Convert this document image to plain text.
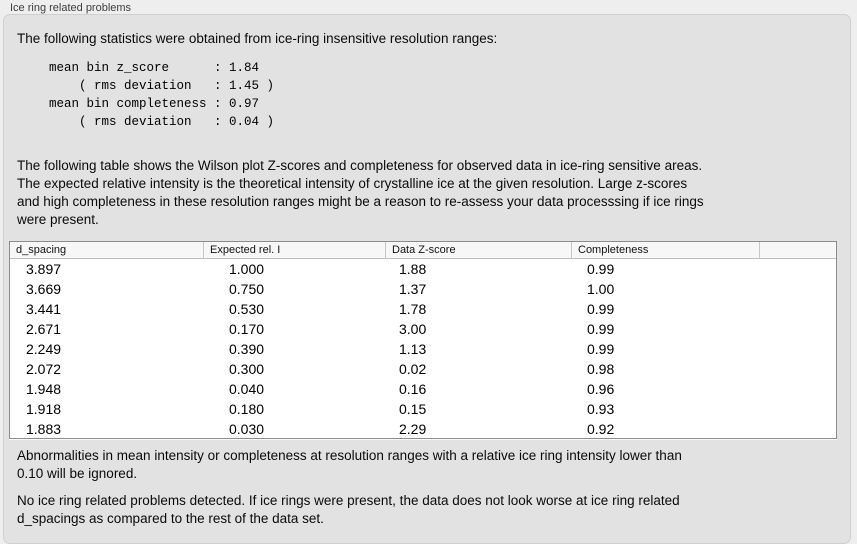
Ice ring related problems
The following statistics were obtained from ice-ring insensitive resolution ranges:
mean bin z_score      : 1.84
( rms deviation   : 1.45 )
mean bin completeness : 0.97
( rms deviation   : 0.04 )
The following table shows the Wilson plot Z-scores and completeness for observed data in ice-ring sensitive areas.
The expected relative intensity is the theoretical intensity of crystalline ice at the given resolution. Large z-scores
and high completeness in these resolution ranges might be a reason to re-assess your data processsing if ice rings
were present.
d_spacing	Expected rel. I	Data Z-score	Completeness
3.897	1.000	1.88	0.99
3.669	0.750	1.37	1.00
3.441	0.530	1.78	0.99
2.671	0.170	3.00	0.99
2.249	0.390	1.13	0.99
2.072	0.300	0.02	0.98
1.948	0.040	0.16	0.96
1.918	0.180	0.15	0.93
1.883	0.030	2.29	0.92
Abnormalities in mean intensity or completeness at resolution ranges with a relative ice ring intensity lower than
0.10 will be ignored.
No ice ring related problems detected. If ice rings were present, the data does not look worse at ice ring related
d_spacings as compared to the rest of the data set.
